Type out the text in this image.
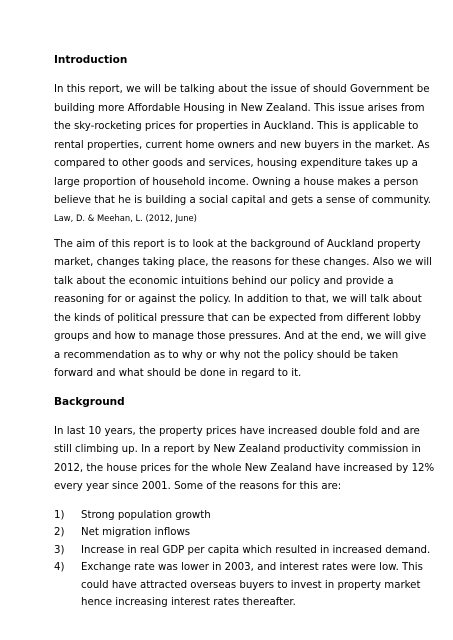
Introduction
In this report, we will be talking about the issue of should Government be
building more Affordable Housing in New Zealand. This issue arises from
the sky-rocketing prices for properties in Auckland. This is applicable to
rental properties, current home owners and new buyers in the market. As
compared to other goods and services, housing expenditure takes up a
large proportion of household income. Owning a house makes a person
believe that he is building a social capital and gets a sense of community.
Law, D. & Meehan, L. (2012, June)
The aim of this report is to look at the background of Auckland property
market, changes taking place, the reasons for these changes. Also we will
talk about the economic intuitions behind our policy and provide a
reasoning for or against the policy. In addition to that, we will talk about
the kinds of political pressure that can be expected from different lobby
groups and how to manage those pressures. And at the end, we will give
a recommendation as to why or why not the policy should be taken
forward and what should be done in regard to it.
Background
In last 10 years, the property prices have increased double fold and are
still climbing up. In a report by New Zealand productivity commission in
2012, the house prices for the whole New Zealand have increased by 12%
every year since 2001. Some of the reasons for this are:
1) Strong population growth
2) Net migration inflows
3) Increase in real GDP per capita which resulted in increased demand.
4) Exchange rate was lower in 2003, and interest rates were low. This
could have attracted overseas buyers to invest in property market
hence increasing interest rates thereafter.
